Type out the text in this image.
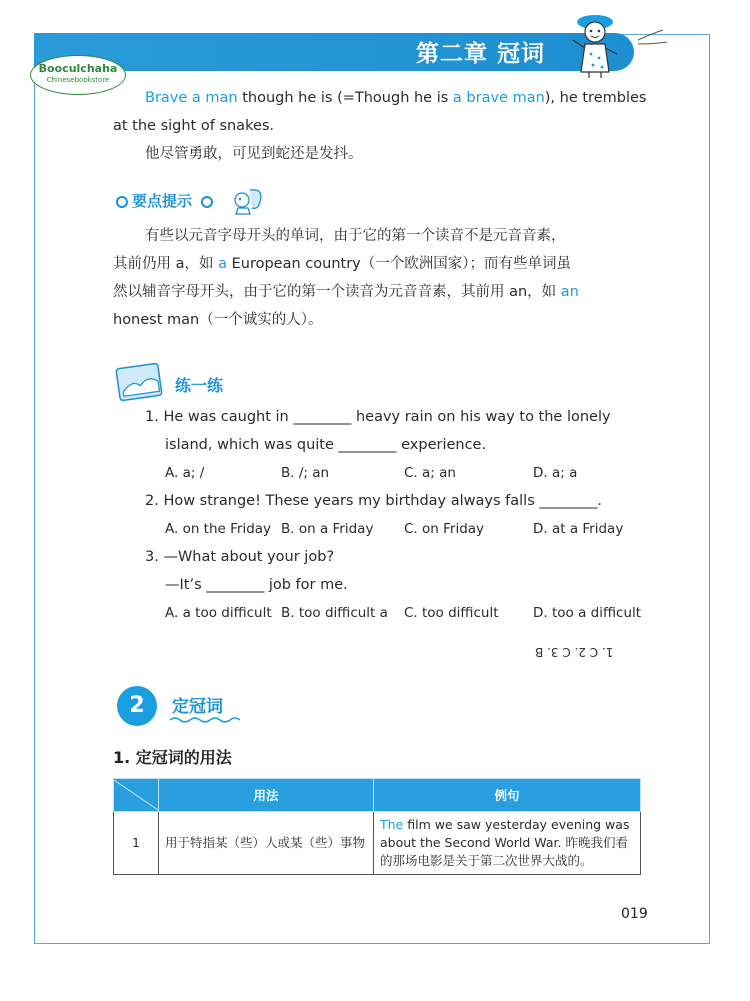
第二章 冠词
Booculchaha
Chinesebookstore
Brave a man though he is (=Though he is a brave man), he trembles
at the sight of snakes.
他尽管勇敢，可见到蛇还是发抖。
要点提示
有些以元音字母开头的单词，由于它的第一个读音不是元音音素，
其前仍用 a，如 a European country（一个欧洲国家）；而有些单词虽
然以辅音字母开头，由于它的第一个读音为元音音素，其前用 an，如 an
honest man（一个诚实的人）。
练一练
1. He was caught in ________ heavy rain on his way to the lonely
island, which was quite ________ experience.
A. a; /	B. /; an	C. a; an	D. a; a
2. How strange! These years my birthday always falls ________.
A. on the Friday B. on a Friday C. on Friday	D. at a Friday
3. —What about your job?
—It’s ________ job for me.
A. a too difficult B. too difficult a C. too difficult	D. too a difficult
1. C 2. C 3. B
2	定冠词
1. 定冠词的用法
	用法	例句
1	用于特指某（些）人或某（些）事物	The film we saw yesterday evening was about the Second World War. 昨晚我们看的那场电影是关于第二次世界大战的。
019
